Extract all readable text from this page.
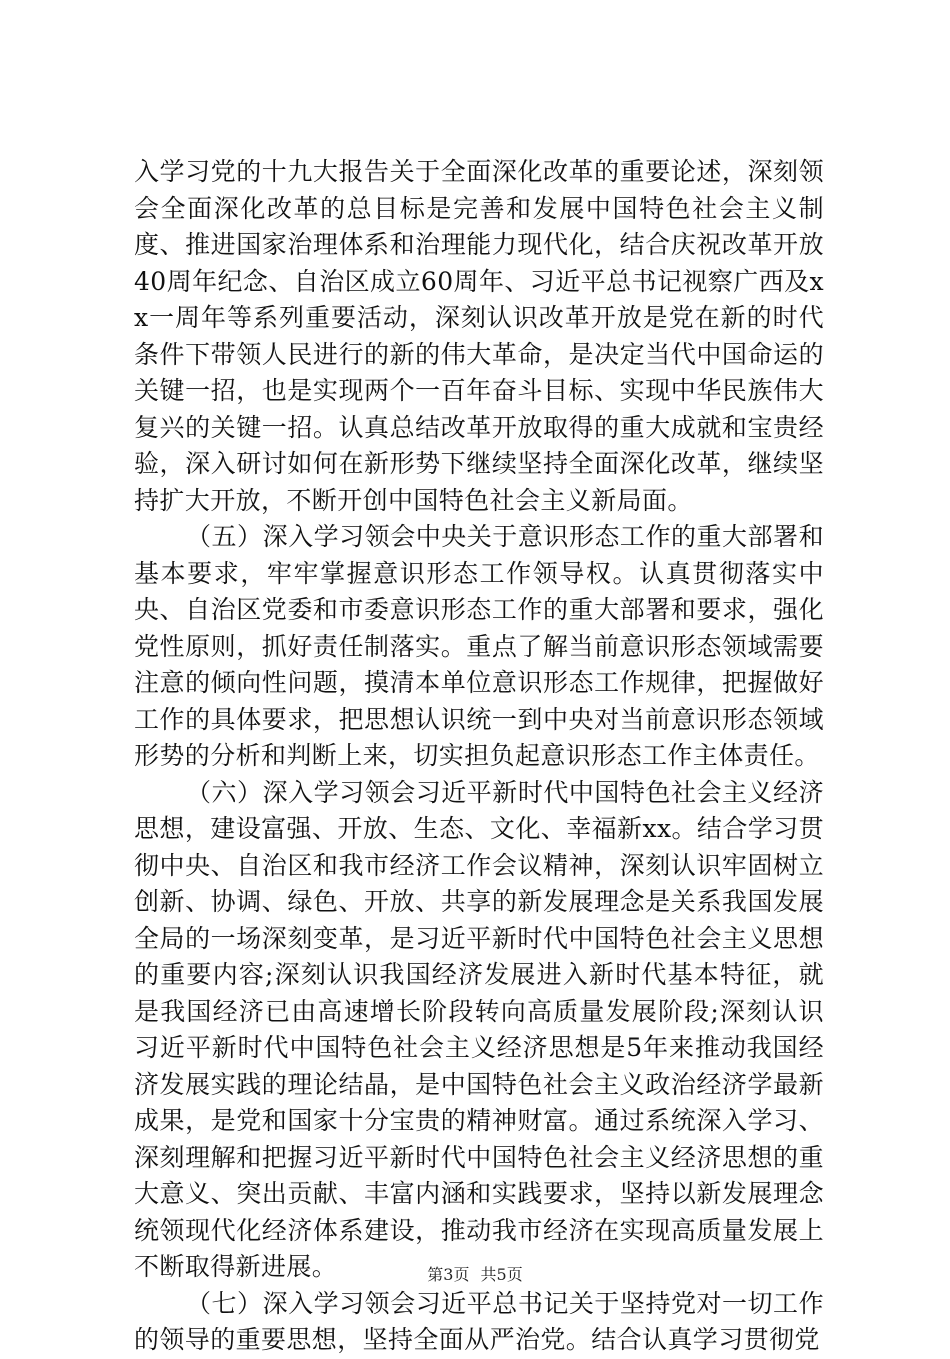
入学习党的十九大报告关于全面深化改革的重要论述，深刻领会全面深化改革的总目标是完善和发展中国特色社会主义制度、推进国家治理体系和治理能力现代化，结合庆祝改革开放40周年纪念、自治区成立60周年、习近平总书记视察广西及xx一周年等系列重要活动，深刻认识改革开放是党在新的时代条件下带领人民进行的新的伟大革命，是决定当代中国命运的关键一招，也是实现两个一百年奋斗目标、实现中华民族伟大复兴的关键一招。认真总结改革开放取得的重大成就和宝贵经验，深入研讨如何在新形势下继续坚持全面深化改革，继续坚持扩大开放，不断开创中国特色社会主义新局面。

（五）深入学习领会中央关于意识形态工作的重大部署和基本要求，牢牢掌握意识形态工作领导权。认真贯彻落实中央、自治区党委和市委意识形态工作的重大部署和要求，强化党性原则，抓好责任制落实。重点了解当前意识形态领域需要注意的倾向性问题，摸清本单位意识形态工作规律，把握做好工作的具体要求，把思想认识统一到中央对当前意识形态领域形势的分析和判断上来，切实担负起意识形态工作主体责任。

（六）深入学习领会习近平新时代中国特色社会主义经济思想，建设富强、开放、生态、文化、幸福新xx。结合学习贯彻中央、自治区和我市经济工作会议精神，深刻认识牢固树立创新、协调、绿色、开放、共享的新发展理念是关系我国发展全局的一场深刻变革，是习近平新时代中国特色社会主义思想的重要内容;深刻认识我国经济发展进入新时代基本特征，就是我国经济已由高速增长阶段转向高质量发展阶段;深刻认识习近平新时代中国特色社会主义经济思想是5年来推动我国经济发展实践的理论结晶，是中国特色社会主义政治经济学最新成果，是党和国家十分宝贵的精神财富。通过系统深入学习、深刻理解和把握习近平新时代中国特色社会主义经济思想的重大意义、突出贡献、丰富内涵和实践要求，坚持以新发展理念统领现代化经济体系建设，推动我市经济在实现高质量发展上不断取得新进展。

（七）深入学习领会习近平总书记关于坚持党对一切工作的领导的重要思想，坚持全面从严治党。结合认真学习贯彻党

第3页 共5页
